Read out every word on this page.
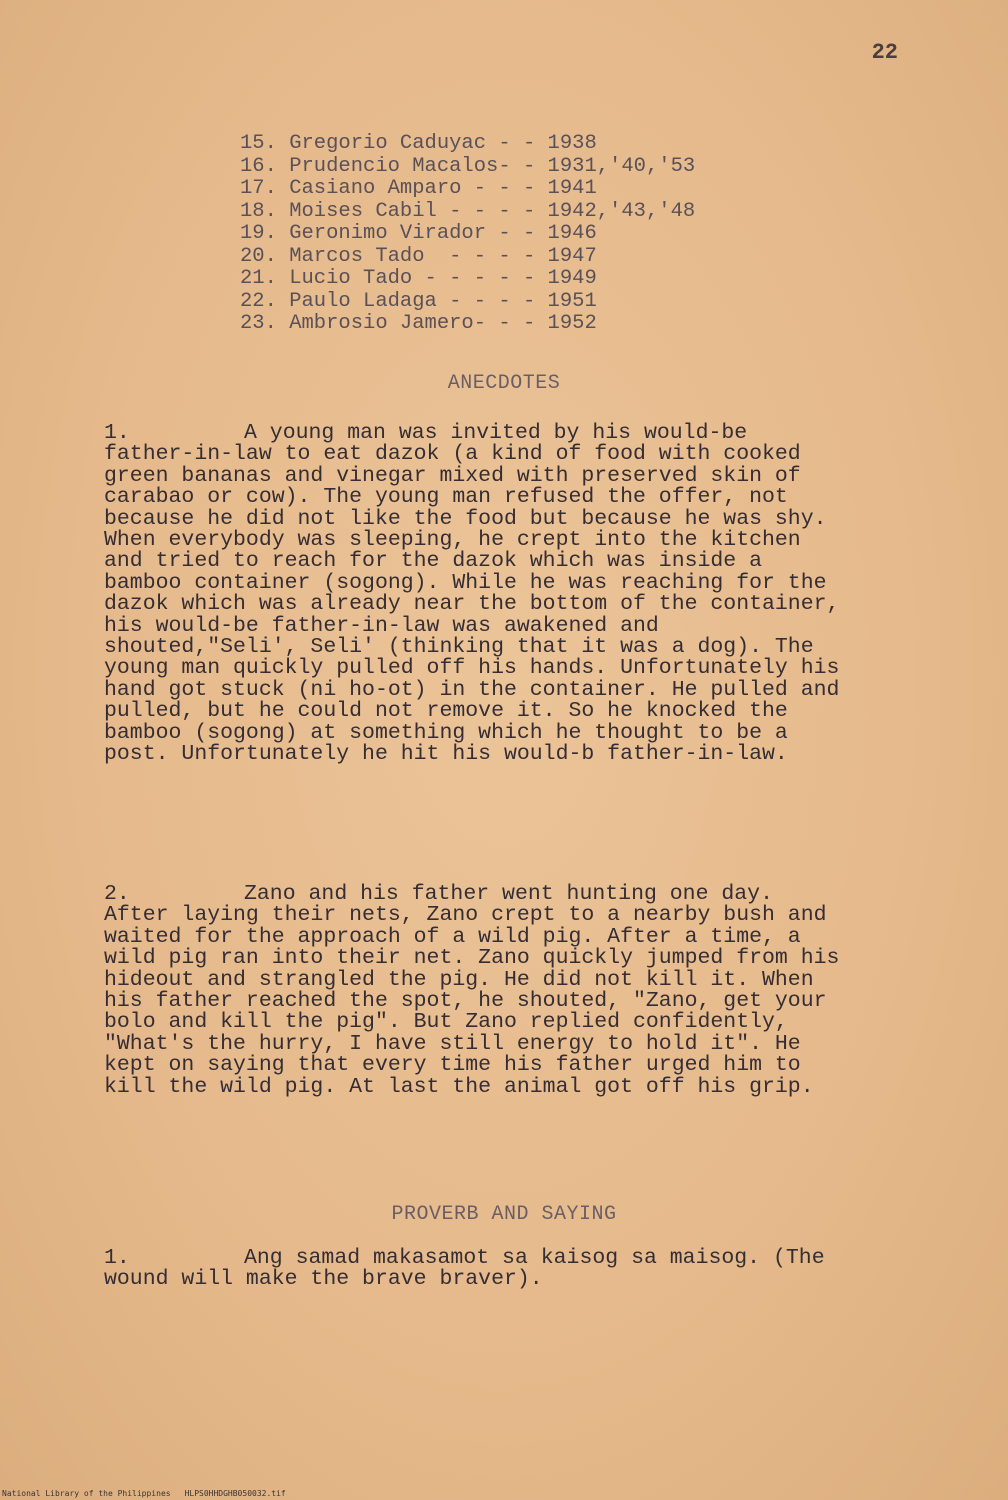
22
15. Gregorio Caduyac - - 1938
16. Prudencio Macalos- - 1931,'40,'53
17. Casiano Amparo - - - 1941
18. Moises Cabil - - - - 1942,'43,'48
19. Geronimo Virador - - 1946
20. Marcos Tado  - - - - 1947
21. Lucio Tado - - - - - 1949
22. Paulo Ladaga - - - - 1951
23. Ambrosio Jamero- - - 1952
ANECDOTES
1.	A young man was invited by his would-be father-in-law to eat dazok (a kind of food with cooked green bananas and vinegar mixed with preserved skin of carabao or cow). The young man refused the offer, not because he did not like the food but because he was shy. When everybody was sleeping, he crept into the kitchen and tried to reach for the dazok which was inside a bamboo container (sogong). While he was reaching for the dazok which was already near the bottom of the container, his would-be father-in-law was awakened and shouted,"Seli', Seli' (thinking that it was a dog). The young man quickly pulled off his hands. Unfortunately his hand got stuck (ni ho-ot) in the container. He pulled and pulled, but he could not remove it. So he knocked the bamboo (sogong) at something which he thought to be a post. Unfortunately he hit his would-b father-in-law.
2.	Zano and his father went hunting one day. After laying their nets, Zano crept to a nearby bush and waited for the approach of a wild pig. After a time, a wild pig ran into their net. Zano quickly jumped from his hideout and strangled the pig. He did not kill it. When his father reached the spot, he shouted, "Zano, get your bolo and kill the pig". But Zano replied confidently, "What's the hurry, I have still energy to hold it". He kept on saying that every time his father urged him to kill the wild pig. At last the animal got off his grip.
PROVERB AND SAYING
1.	Ang samad makasamot sa kaisog sa maisog. (The wound will make the brave braver).
National Library of the Philippines HLPS0HHDGHB050032.tif
